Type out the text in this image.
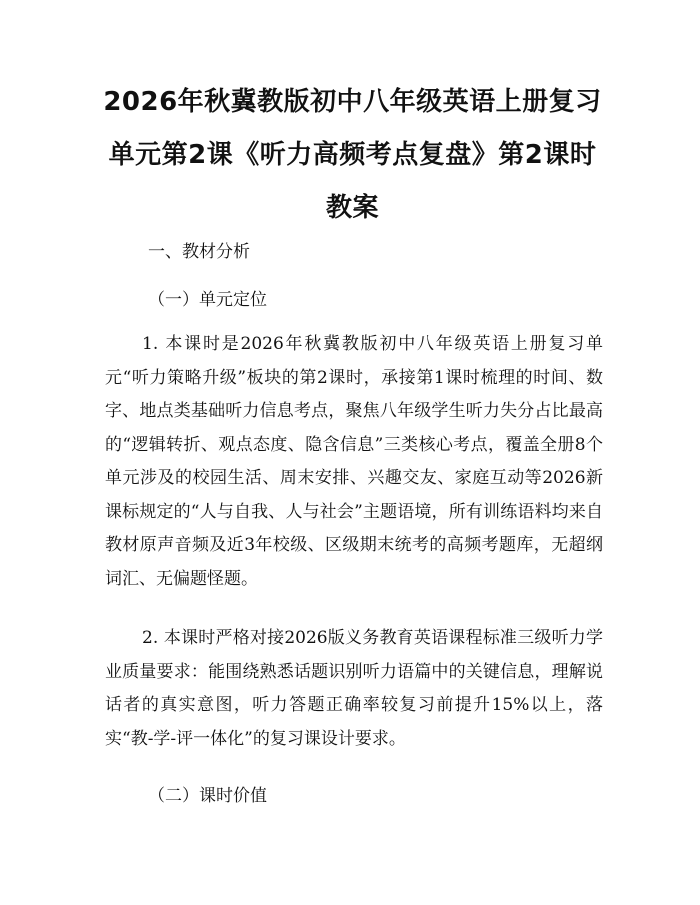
2026年秋冀教版初中八年级英语上册复习单元第2课《听力高频考点复盘》第2课时教案

一、教材分析

（一）单元定位

1. 本课时是2026年秋冀教版初中八年级英语上册复习单元“听力策略升级”板块的第2课时，承接第1课时梳理的时间、数字、地点类基础听力信息考点，聚焦八年级学生听力失分占比最高的“逻辑转折、观点态度、隐含信息”三类核心考点，覆盖全册8个单元涉及的校园生活、周末安排、兴趣交友、家庭互动等2026新课标规定的“人与自我、人与社会”主题语境，所有训练语料均来自教材原声音频及近3年校级、区级期末统考的高频考题库，无超纲词汇、无偏题怪题。

2. 本课时严格对接2026版义务教育英语课程标准三级听力学业质量要求：能围绕熟悉话题识别听力语篇中的关键信息，理解说话者的真实意图，听力答题正确率较复习前提升15%以上，落实“教-学-评一体化”的复习课设计要求。

（二）课时价值
